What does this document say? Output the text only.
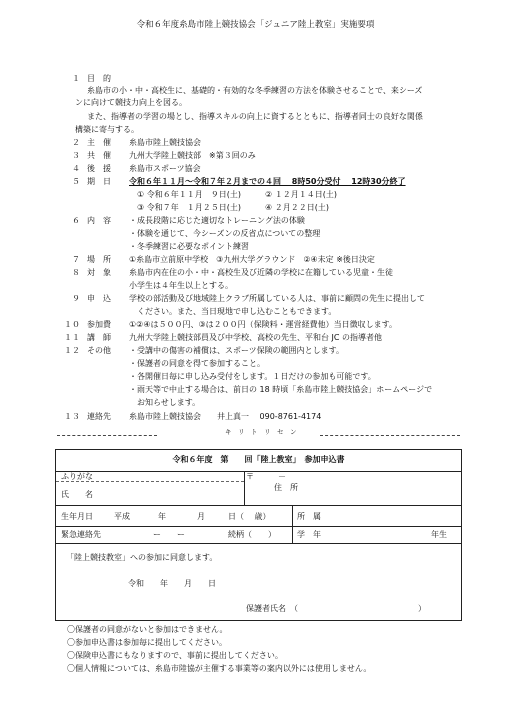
令和６年度糸島市陸上競技協会「ジュニア陸上教室」実施要項
１ 目　的
糸島市の小・中・高校生に、基礎的・有効的な冬季練習の方法を体験させることで、来シーズ
ンに向けて競技力向上を図る。
また、指導者の学習の場とし、指導スキルの向上に資するとともに、指導者同士の良好な関係
構築に寄与する。
２ 主　催 糸島市陸上競技協会
３ 共　催 九州大学陸上競技部　※第３回のみ
４ 後　援 糸島市スポーツ協会
５ 期　日 令和６年１１月～令和７年２月までの４回　 8時50分受付　 12時30分終了
① 令和６年１１月　９日(土)	② １２月１４日(土)
③ 令和７年　１月２５日(土)	④ ２月２２日(土)
６ 内　容 ・成長段階に応じた適切なトレーニング法の体験
・体験を通じて、今シーズンの反省点についての整理
・冬季練習に必要なポイント練習
７ 場　所 ①糸島市立前原中学校　③九州大学グラウンド　②④未定 ※後日決定
８ 対　象 糸島市内在住の小・中・高校生及び近隣の学校に在籍している児童・生徒
小学生は４年生以上とする。
９ 申　込 学校の部活動及び地域陸上クラブ所属している人は、事前に顧問の先生に提出して
ください。また、当日現地で申し込むこともできます。
１０ 参加費 ①②④は５００円、③は２００円（保険料・運営経費他）当日徴収します。
１１ 講　師 九州大学陸上競技部員及び中学校、高校の先生、平和台 JC の指導者他
１２ その他 ・受講中の傷害の補償は、スポーツ保険の範囲内とします。
・保護者の同意を得て参加すること。
・各開催日毎に申し込み受付をします。１日だけの参加も可能です。
・雨天等で中止する場合は、前日の 18 時頃「糸島市陸上競技協会」ホームページで
お知らせします。
１３ 連絡先 糸島市陸上競技協会　　井上真一　 090-8761-4174
キ　リ　ト　リ　セ　ン
令和６年度　第　　回「陸上教室」　参加申込書
ふりがな
氏　　名
〒　　　－
住　所
生年月日	平成	年	月	日（　 歳）	所　属
緊急連絡先	ー　　ー	続柄（　　）	学　年	年生
「陸上競技教室」への参加に同意します。
令和　　年　　月　　日
保護者氏名　（　　　　　　　　　　　　　　　）
〇保護者の同意がないと参加はできません。
〇参加申込書は参加毎に提出してください。
〇保険申込書にもなりますので、事前に提出してください。
〇個人情報については、糸島市陸協が主催する事業等の案内以外には使用しません。
